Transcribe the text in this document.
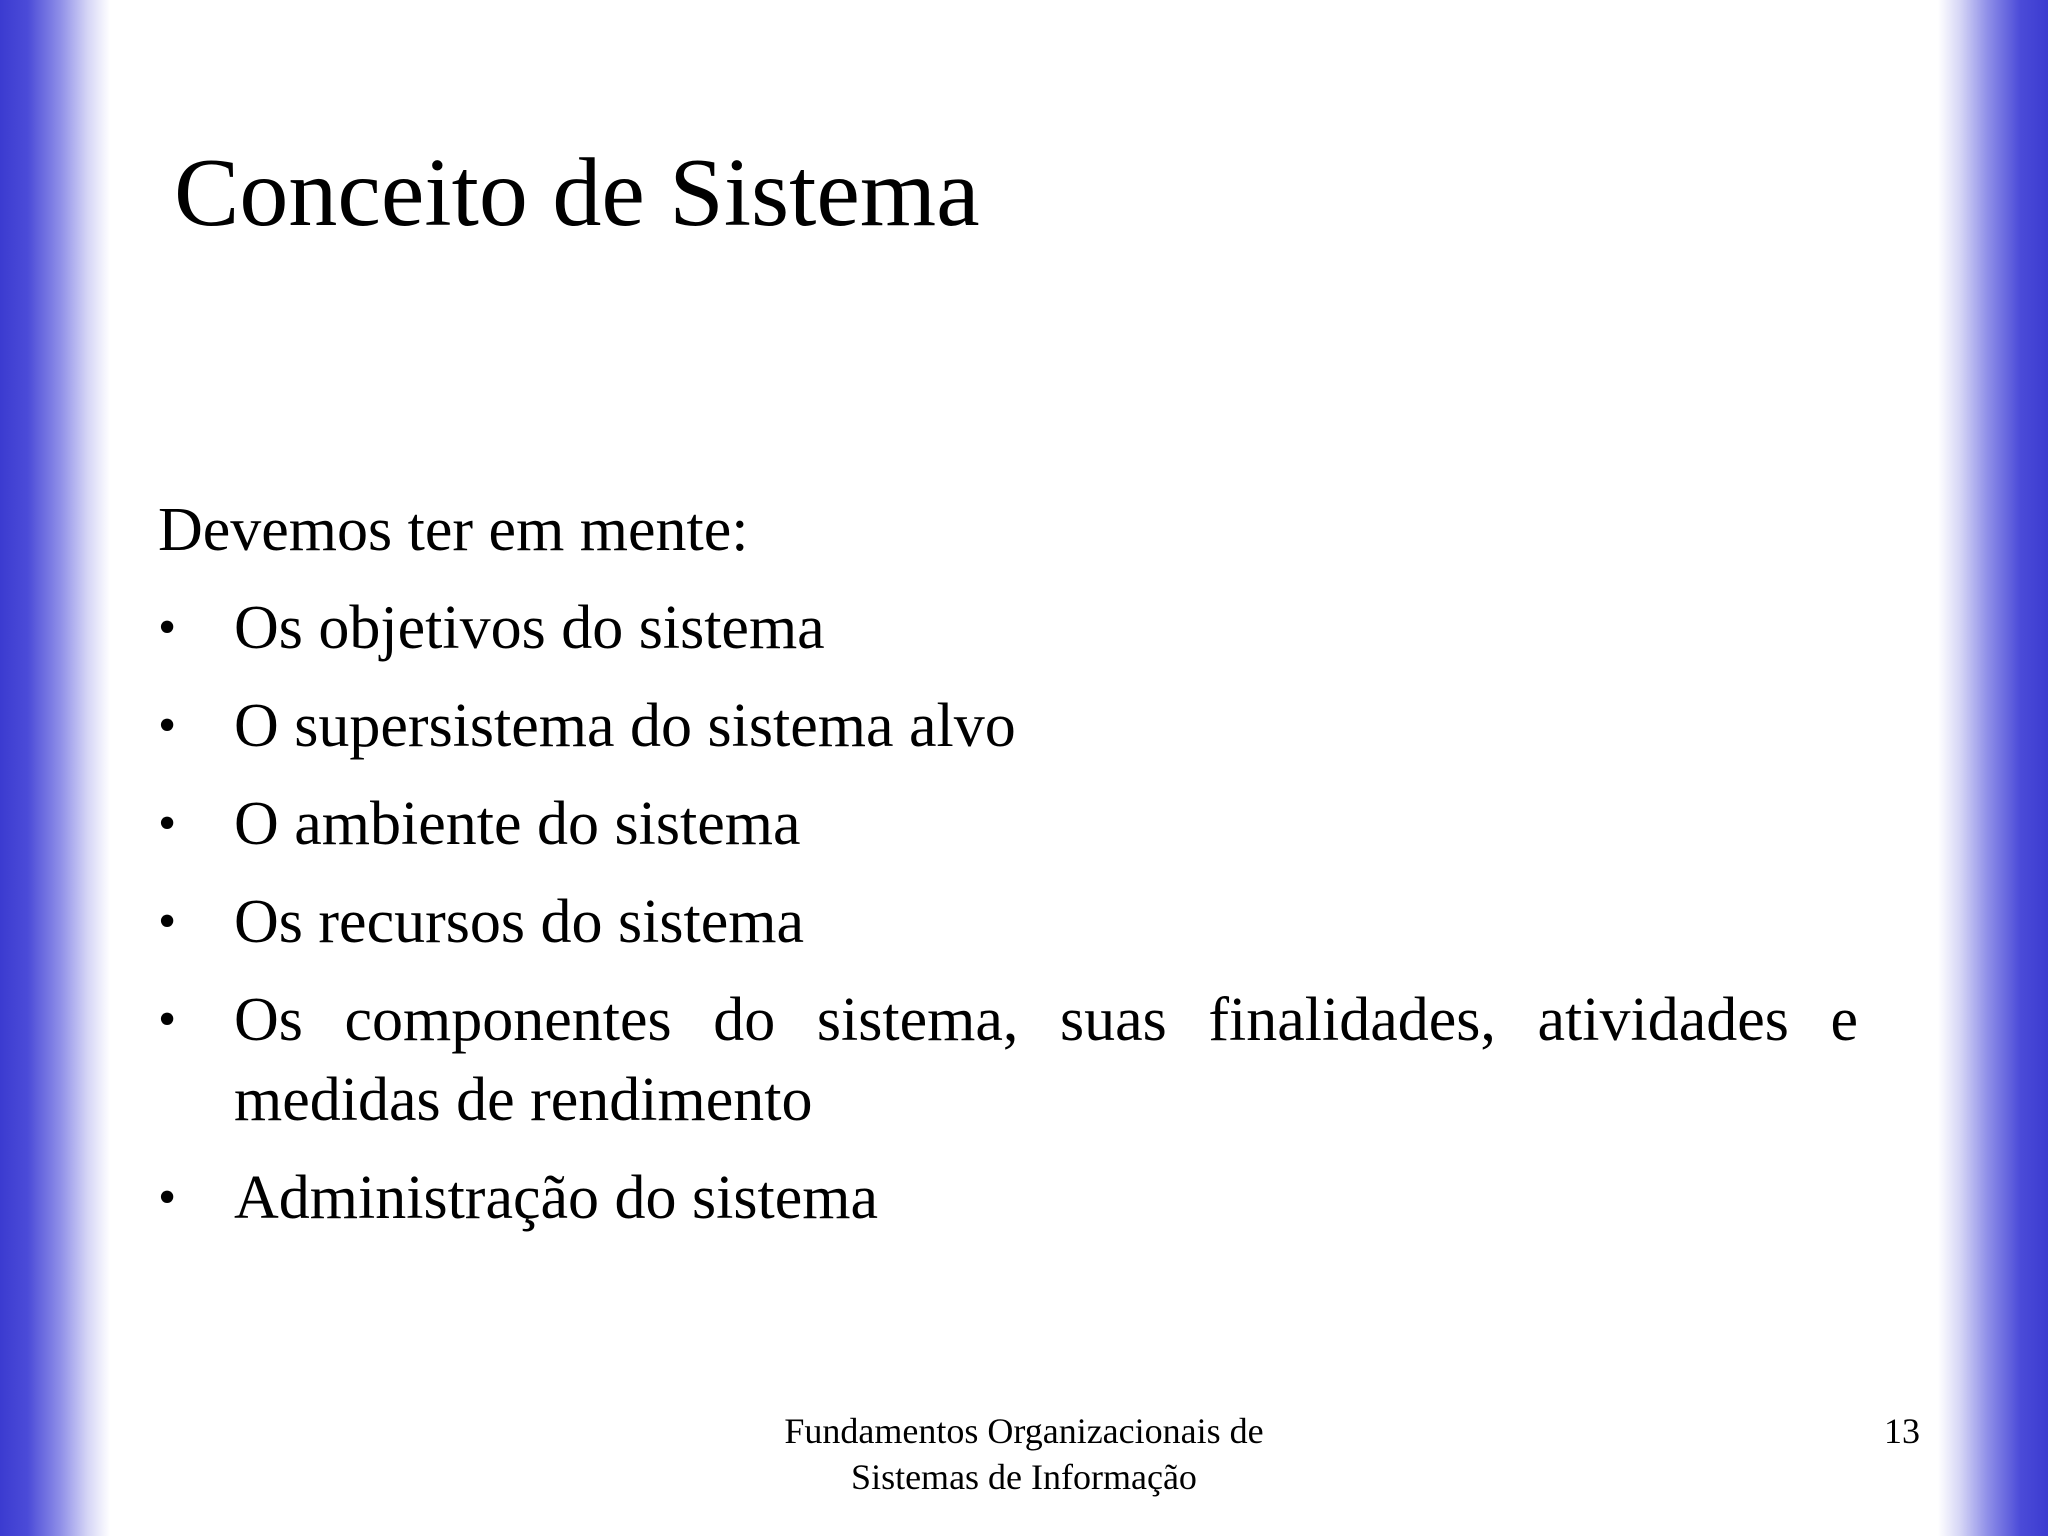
Conceito de Sistema

Devemos ter em mente:

• Os objetivos do sistema
• O supersistema do sistema alvo
• O ambiente do sistema
• Os recursos do sistema
• Os componentes do sistema, suas finalidades, atividades e medidas de rendimento
• Administração do sistema
Fundamentos Organizacionais de
Sistemas de Informação
13
